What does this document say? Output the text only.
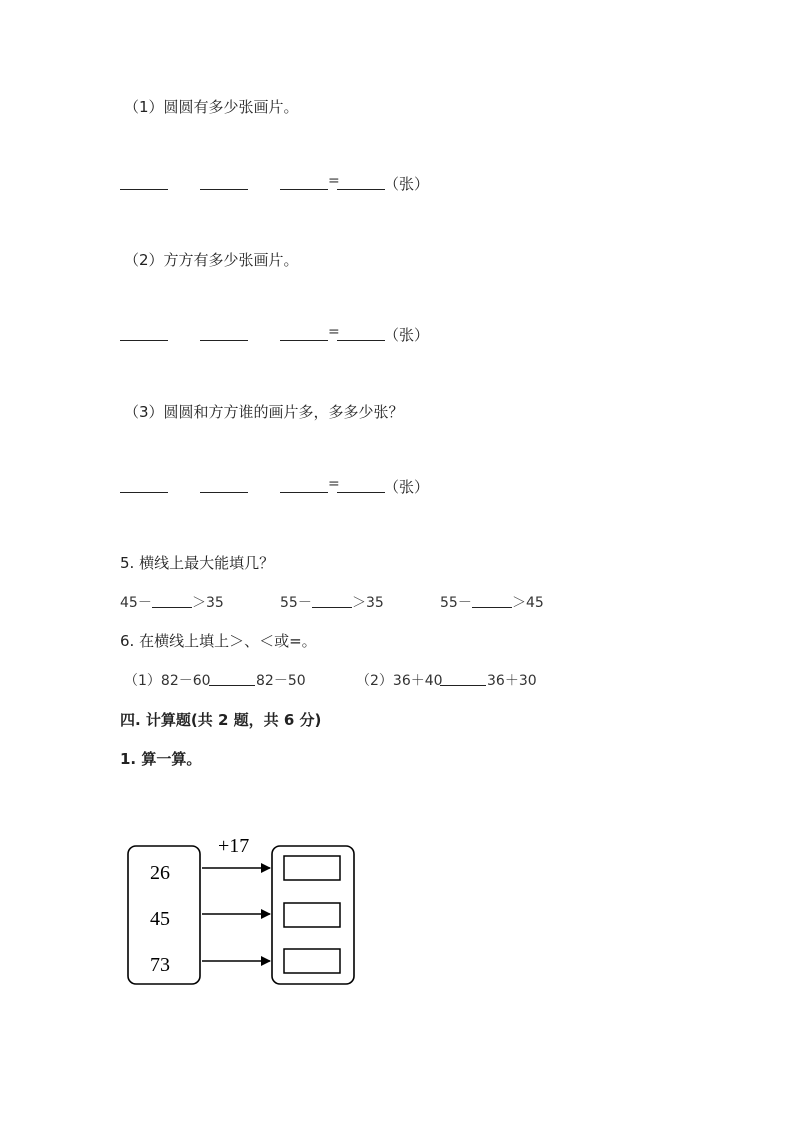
（1）圆圆有多少张画片。
=	（张）
（2）方方有多少张画片。
=	（张）
（3）圆圆和方方谁的画片多，多多少张？
=	（张）
5. 横线上最大能填几？
45－	＞35	55－	＞35	55－	＞45
6. 在横线上填上＞、＜或=。
（1）82－60	82－50	（2）36＋40	36＋30
四. 计算题(共 2 题，共 6 分)
1. 算一算。
+17
26
45
73
